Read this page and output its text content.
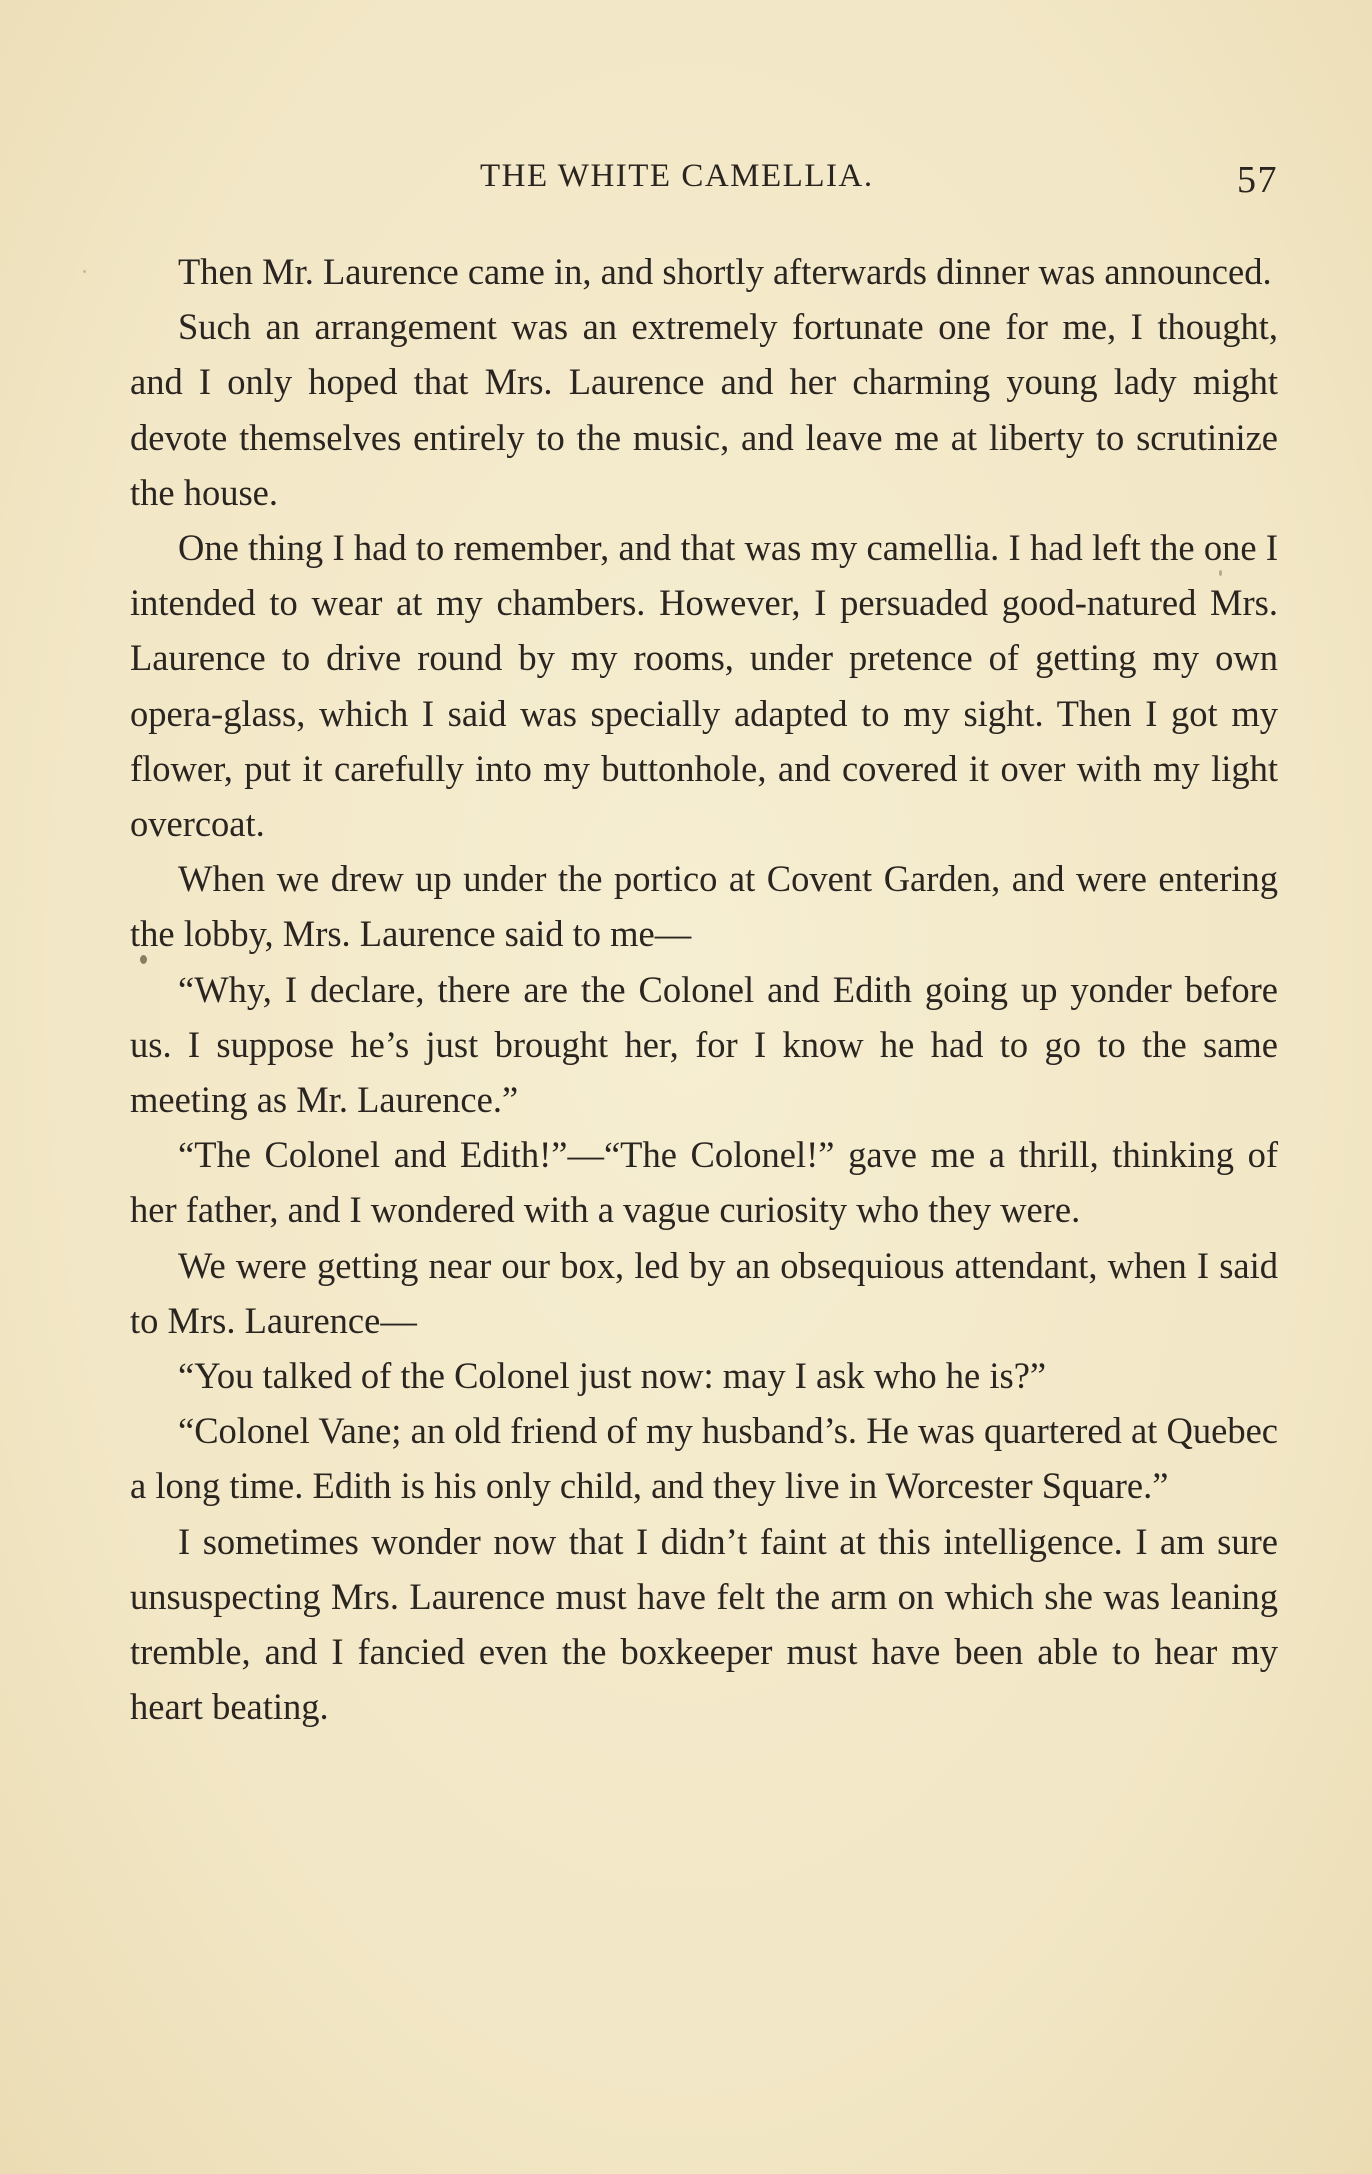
THE WHITE CAMELLIA.	57

Then Mr. Laurence came in, and shortly afterwards dinner was announced.

Such an arrangement was an extremely fortunate one for me, I thought, and I only hoped that Mrs. Laurence and her charming young lady might devote themselves entirely to the music, and leave me at liberty to scrutinize the house.

One thing I had to remember, and that was my camellia. I had left the one I intended to wear at my chambers. However, I persuaded good-natured Mrs. Laurence to drive round by my rooms, under pretence of getting my own opera-glass, which I said was specially adapted to my sight. Then I got my flower, put it carefully into my buttonhole, and covered it over with my light overcoat.

When we drew up under the portico at Covent Garden, and were entering the lobby, Mrs. Laurence said to me—

“Why, I declare, there are the Colonel and Edith going up yonder before us. I suppose he’s just brought her, for I know he had to go to the same meeting as Mr. Laurence.”

“The Colonel and Edith!”—“The Colonel!” gave me a thrill, thinking of her father, and I wondered with a vague curiosity who they were.

We were getting near our box, led by an obsequious attendant, when I said to Mrs. Laurence—

“You talked of the Colonel just now: may I ask who he is?”

“Colonel Vane; an old friend of my husband’s. He was quartered at Quebec a long time. Edith is his only child, and they live in Worcester Square.”

I sometimes wonder now that I didn’t faint at this intelligence. I am sure unsuspecting Mrs. Laurence must have felt the arm on which she was leaning tremble, and I fancied even the boxkeeper must have been able to hear my heart beating.
